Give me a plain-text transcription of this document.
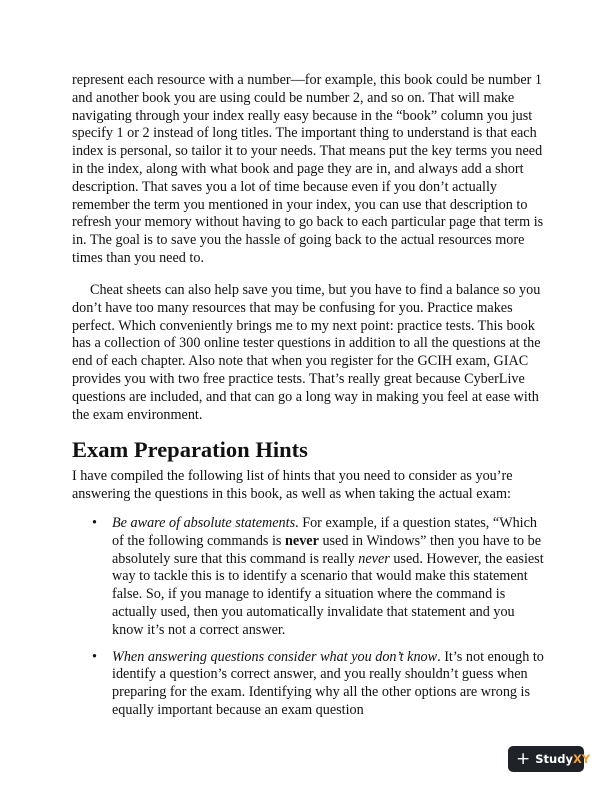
represent each resource with a number—for example, this book could be number 1 and another book you are using could be number 2, and so on. That will make navigating through your index really easy because in the “book” column you just specify 1 or 2 instead of long titles. The important thing to understand is that each index is personal, so tailor it to your needs. That means put the key terms you need in the index, along with what book and page they are in, and always add a short description. That saves you a lot of time because even if you don’t actually remember the term you mentioned in your index, you can use that description to refresh your memory without having to go back to each particular page that term is in. The goal is to save you the hassle of going back to the actual resources more times than you need to.
Cheat sheets can also help save you time, but you have to find a balance so you don’t have too many resources that may be confusing for you. Practice makes perfect. Which conveniently brings me to my next point: practice tests. This book has a collection of 300 online tester questions in addition to all the questions at the end of each chapter. Also note that when you register for the GCIH exam, GIAC provides you with two free practice tests. That’s really great because CyberLive questions are included, and that can go a long way in making you feel at ease with the exam environment.
Exam Preparation Hints
I have compiled the following list of hints that you need to consider as you’re answering the questions in this book, as well as when taking the actual exam:
• Be aware of absolute statements. For example, if a question states, “Which of the following commands is never used in Windows” then you have to be absolutely sure that this command is really never used. However, the easiest way to tackle this is to identify a scenario that would make this statement false. So, if you manage to identify a situation where the command is actually used, then you automatically invalidate that statement and you know it’s not a correct answer.
• When answering questions consider what you don’t know. It’s not enough to identify a question’s correct answer, and you really shouldn’t guess when preparing for the exam. Identifying why all the other options are wrong is equally important because an exam question
+ Study XY
